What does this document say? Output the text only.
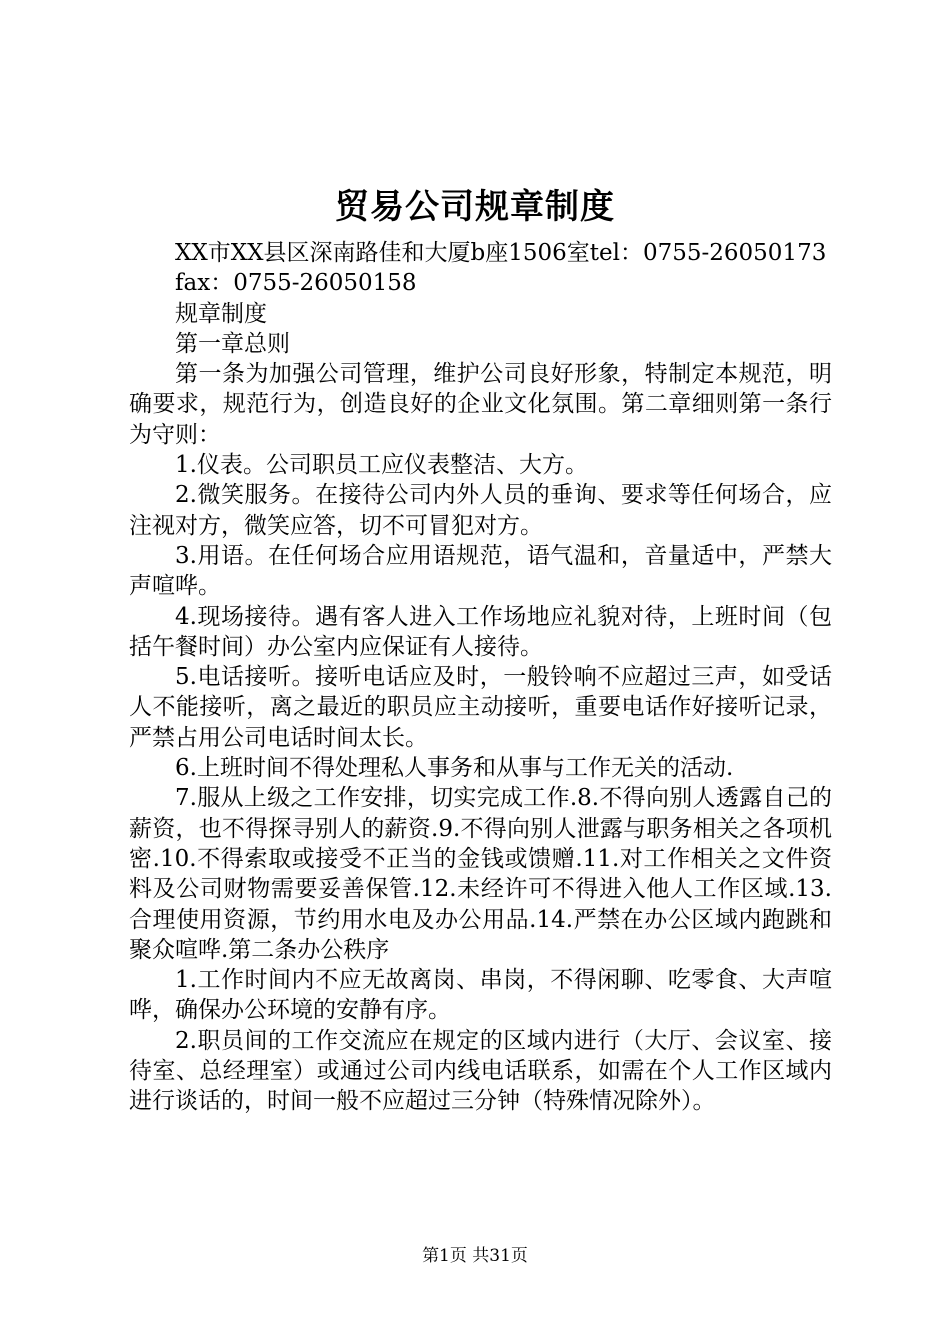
贸易公司规章制度

XX市XX县区深南路佳和大厦b座1506室tel：0755-26050173

fax：0755-26050158

规章制度

第一章总则

第一条为加强公司管理，维护公司良好形象，特制定本规范，明确要求，规范行为，创造良好的企业文化氛围。第二章细则第一条行为守则：

1.仪表。公司职员工应仪表整洁、大方。

2.微笑服务。在接待公司内外人员的垂询、要求等任何场合，应注视对方，微笑应答，切不可冒犯对方。

3.用语。在任何场合应用语规范，语气温和，音量适中，严禁大声喧哗。

4.现场接待。遇有客人进入工作场地应礼貌对待，上班时间（包括午餐时间）办公室内应保证有人接待。

5.电话接听。接听电话应及时，一般铃响不应超过三声，如受话人不能接听，离之最近的职员应主动接听，重要电话作好接听记录，严禁占用公司电话时间太长。

6.上班时间不得处理私人事务和从事与工作无关的活动.

7.服从上级之工作安排，切实完成工作.8.不得向别人透露自己的薪资，也不得探寻别人的薪资.9.不得向别人泄露与职务相关之各项机密.10.不得索取或接受不正当的金钱或馈赠.11.对工作相关之文件资料及公司财物需要妥善保管.12.未经许可不得进入他人工作区域.13.合理使用资源，节约用水电及办公用品.14.严禁在办公区域内跑跳和聚众喧哗.第二条办公秩序

1.工作时间内不应无故离岗、串岗，不得闲聊、吃零食、大声喧哗，确保办公环境的安静有序。

2.职员间的工作交流应在规定的区域内进行（大厅、会议室、接待室、总经理室）或通过公司内线电话联系，如需在个人工作区域内进行谈话的，时间一般不应超过三分钟（特殊情况除外）。

第1页 共31页
